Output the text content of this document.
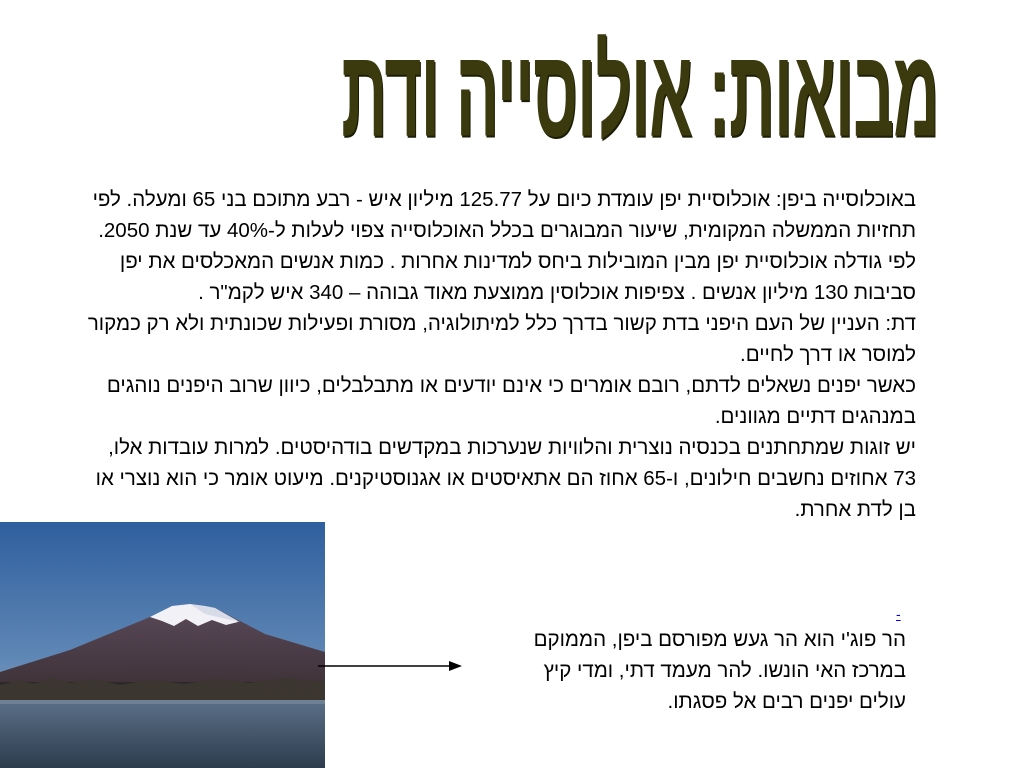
מבואות: אולוסייה ודת

באוכלוסייה ביפן: אוכלוסיית יפן עומדת כיום על 125.77 מיליון איש - רבע מתוכם בני 65 ומעלה. לפי תחזיות הממשלה המקומית, שיעור המבוגרים בכלל האוכלוסייה צפוי לעלות ל-40% עד שנת 2050.

לפי גודלה אוכלוסיית יפן מבין המובילות ביחס למדינות אחרות . כמות אנשים המאכלסים את יפן סביבות 130 מיליון אנשים . צפיפות אוכלוסין ממוצעת מאוד גבוהה – 340 איש לקמ"ר .

דת: העניין של העם היפני בדת קשור בדרך כלל למיתולוגיה, מסורת ופעילות שכונתית ולא רק כמקור למוסר או דרך לחיים.

כאשר יפנים נשאלים לדתם, רובם אומרים כי אינם יודעים או מתבלבלים, כיוון שרוב היפנים נוהגים במנהגים דתיים מגוונים.

יש זוגות שמתחתנים בכנסיה נוצרית והלוויות שנערכות במקדשים בודהיסטים. למרות עובדות אלו, 73 אחוזים נחשבים חילונים, ו-65 אחוז הם אתאיסטים או אגנוסטיקנים. מיעוט אומר כי הוא נוצרי או בן לדת אחרת.

-

הר פוג'י הוא הר געש מפורסם ביפן, הממוקם

במרכז האי הונשו. להר מעמד דתי, ומדי קיץ

עולים יפנים רבים אל פסגתו.
